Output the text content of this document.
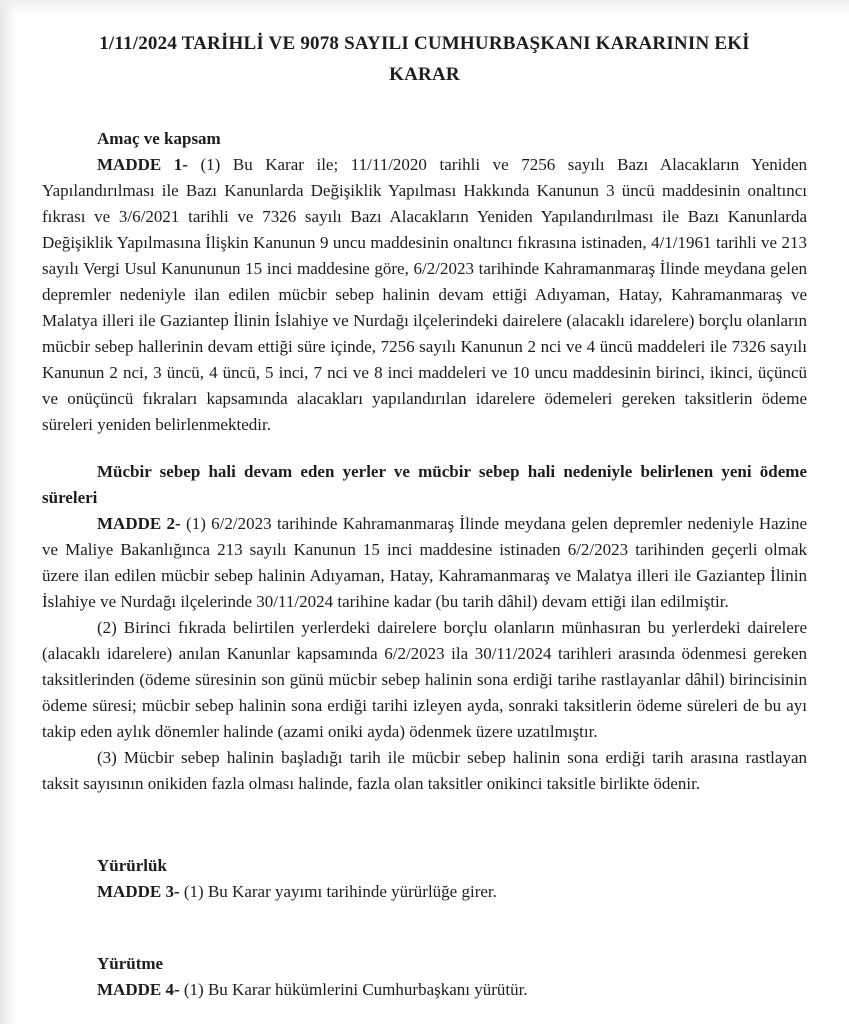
1/11/2024 TARİHLİ VE 9078 SAYILI CUMHURBAŞKANI KARARININ EKİ
KARAR
Amaç ve kapsam

MADDE 1- (1) Bu Karar ile; 11/11/2020 tarihli ve 7256 sayılı Bazı Alacakların Yeniden Yapılandırılması ile Bazı Kanunlarda Değişiklik Yapılması Hakkında Kanunun 3 üncü maddesinin onaltıncı fıkrası ve 3/6/2021 tarihli ve 7326 sayılı Bazı Alacakların Yeniden Yapılandırılması ile Bazı Kanunlarda Değişiklik Yapılmasına İlişkin Kanunun 9 uncu maddesinin onaltıncı fıkrasına istinaden, 4/1/1961 tarihli ve 213 sayılı Vergi Usul Kanununun 15 inci maddesine göre, 6/2/2023 tarihinde Kahramanmaraş İlinde meydana gelen depremler nedeniyle ilan edilen mücbir sebep halinin devam ettiği Adıyaman, Hatay, Kahramanmaraş ve Malatya illeri ile Gaziantep İlinin İslahiye ve Nurdağı ilçelerindeki dairelere (alacaklı idarelere) borçlu olanların mücbir sebep hallerinin devam ettiği süre içinde, 7256 sayılı Kanunun 2 nci ve 4 üncü maddeleri ile 7326 sayılı Kanunun 2 nci, 3 üncü, 4 üncü, 5 inci, 7 nci ve 8 inci maddeleri ve 10 uncu maddesinin birinci, ikinci, üçüncü ve onüçüncü fıkraları kapsamında alacakları yapılandırılan idarelere ödemeleri gereken taksitlerin ödeme süreleri yeniden belirlenmektedir.

Mücbir sebep hali devam eden yerler ve mücbir sebep hali nedeniyle belirlenen yeni ödeme süreleri

MADDE 2- (1) 6/2/2023 tarihinde Kahramanmaraş İlinde meydana gelen depremler nedeniyle Hazine ve Maliye Bakanlığınca 213 sayılı Kanunun 15 inci maddesine istinaden 6/2/2023 tarihinden geçerli olmak üzere ilan edilen mücbir sebep halinin Adıyaman, Hatay, Kahramanmaraş ve Malatya illeri ile Gaziantep İlinin İslahiye ve Nurdağı ilçelerinde 30/11/2024 tarihine kadar (bu tarih dâhil) devam ettiği ilan edilmiştir.

(2) Birinci fıkrada belirtilen yerlerdeki dairelere borçlu olanların münhasıran bu yerlerdeki dairelere (alacaklı idarelere) anılan Kanunlar kapsamında 6/2/2023 ila 30/11/2024 tarihleri arasında ödenmesi gereken taksitlerinden (ödeme süresinin son günü mücbir sebep halinin sona erdiği tarihe rastlayanlar dâhil) birincisinin ödeme süresi; mücbir sebep halinin sona erdiği tarihi izleyen ayda, sonraki taksitlerin ödeme süreleri de bu ayı takip eden aylık dönemler halinde (azami oniki ayda) ödenmek üzere uzatılmıştır.

(3) Mücbir sebep halinin başladığı tarih ile mücbir sebep halinin sona erdiği tarih arasına rastlayan taksit sayısının onikiden fazla olması halinde, fazla olan taksitler onikinci taksitle birlikte ödenir.

Yürürlük

MADDE 3- (1) Bu Karar yayımı tarihinde yürürlüğe girer.

Yürütme

MADDE 4- (1) Bu Karar hükümlerini Cumhurbaşkanı yürütür.
